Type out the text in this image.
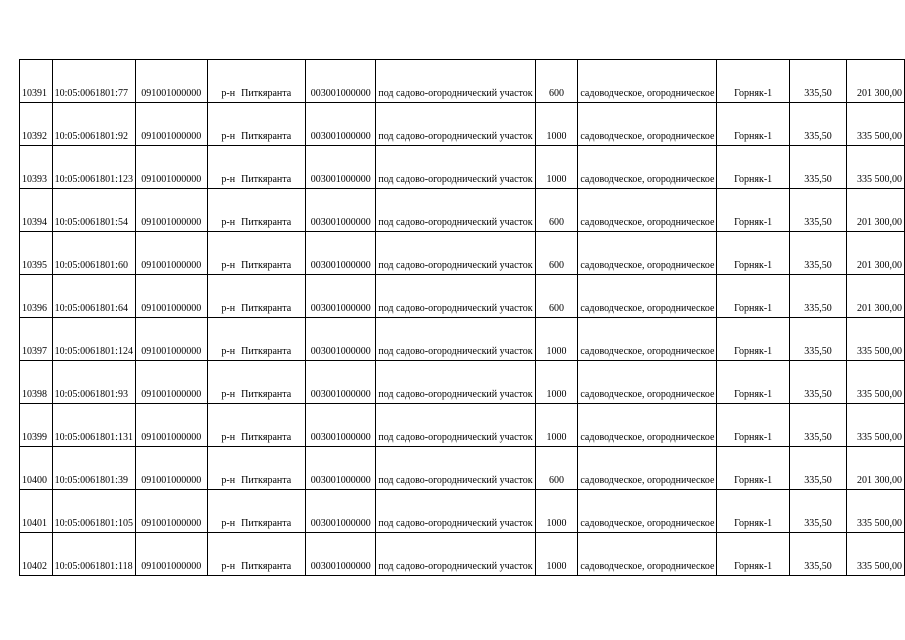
10391	10:05:0061801:77	091001000000	р-н Питкяранта	003001000000	под садово-огороднический участок	600	садоводческое, огородническое	Горняк-1	335,50	201 300,00
10392	10:05:0061801:92	091001000000	р-н Питкяранта	003001000000	под садово-огороднический участок	1000	садоводческое, огородническое	Горняк-1	335,50	335 500,00
10393	10:05:0061801:123	091001000000	р-н Питкяранта	003001000000	под садово-огороднический участок	1000	садоводческое, огородническое	Горняк-1	335,50	335 500,00
10394	10:05:0061801:54	091001000000	р-н Питкяранта	003001000000	под садово-огороднический участок	600	садоводческое, огородническое	Горняк-1	335,50	201 300,00
10395	10:05:0061801:60	091001000000	р-н Питкяранта	003001000000	под садово-огороднический участок	600	садоводческое, огородническое	Горняк-1	335,50	201 300,00
10396	10:05:0061801:64	091001000000	р-н Питкяранта	003001000000	под садово-огороднический участок	600	садоводческое, огородническое	Горняк-1	335,50	201 300,00
10397	10:05:0061801:124	091001000000	р-н Питкяранта	003001000000	под садово-огороднический участок	1000	садоводческое, огородническое	Горняк-1	335,50	335 500,00
10398	10:05:0061801:93	091001000000	р-н Питкяранта	003001000000	под садово-огороднический участок	1000	садоводческое, огородническое	Горняк-1	335,50	335 500,00
10399	10:05:0061801:131	091001000000	р-н Питкяранта	003001000000	под садово-огороднический участок	1000	садоводческое, огородническое	Горняк-1	335,50	335 500,00
10400	10:05:0061801:39	091001000000	р-н Питкяранта	003001000000	под садово-огороднический участок	600	садоводческое, огородническое	Горняк-1	335,50	201 300,00
10401	10:05:0061801:105	091001000000	р-н Питкяранта	003001000000	под садово-огороднический участок	1000	садоводческое, огородническое	Горняк-1	335,50	335 500,00
10402	10:05:0061801:118	091001000000	р-н Питкяранта	003001000000	под садово-огороднический участок	1000	садоводческое, огородническое	Горняк-1	335,50	335 500,00
